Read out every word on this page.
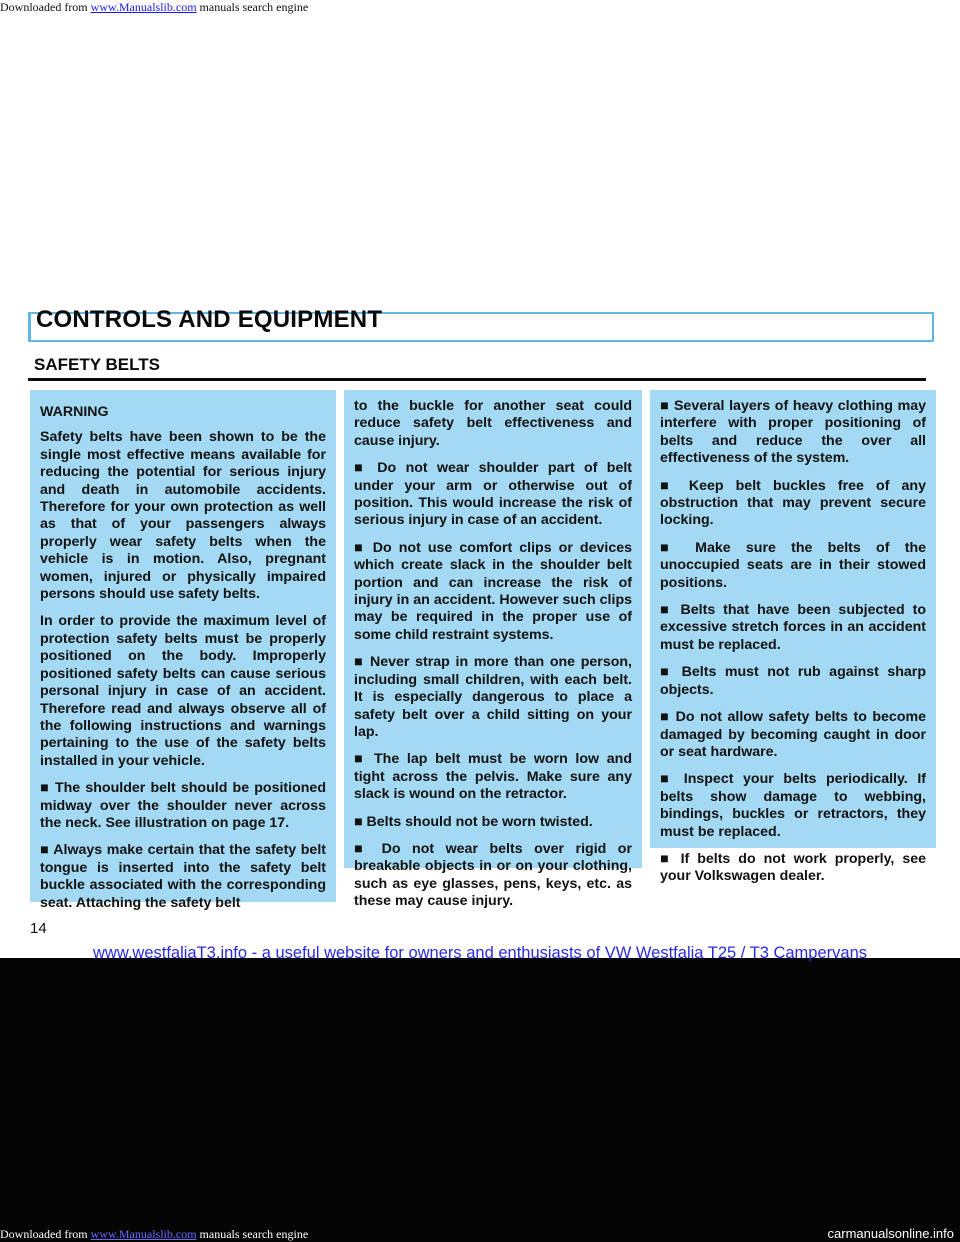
Downloaded from www.Manualslib.com manuals search engine
CONTROLS AND EQUIPMENT
SAFETY BELTS
WARNING

Safety belts have been shown to be the single most effective means available for reducing the potential for serious injury and death in automobile accidents. Therefore for your own protection as well as that of your passengers always properly wear safety belts when the vehicle is in motion. Also, pregnant women, injured or physically impaired persons should use safety belts.

In order to provide the maximum level of protection safety belts must be properly positioned on the body. Improperly positioned safety belts can cause serious personal injury in case of an accident. Therefore read and always observe all of the following instructions and warnings pertaining to the use of the safety belts installed in your vehicle.

■ The shoulder belt should be positioned midway over the shoulder never across the neck. See illustration on page 17.

■ Always make certain that the safety belt tongue is inserted into the safety belt buckle associated with the corresponding seat. Attaching the safety belt

to the buckle for another seat could reduce safety belt effectiveness and cause injury.

■ Do not wear shoulder part of belt under your arm or otherwise out of position. This would increase the risk of serious injury in case of an accident.

■ Do not use comfort clips or devices which create slack in the shoulder belt portion and can increase the risk of injury in an accident. However such clips may be required in the proper use of some child restraint systems.

■ Never strap in more than one person, including small children, with each belt. It is especially dangerous to place a safety belt over a child sitting on your lap.

■ The lap belt must be worn low and tight across the pelvis. Make sure any slack is wound on the retractor.

■ Belts should not be worn twisted.

■ Do not wear belts over rigid or breakable objects in or on your clothing, such as eye glasses, pens, keys, etc. as these may cause injury.

■ Several layers of heavy clothing may interfere with proper positioning of belts and reduce the over all effectiveness of the system.

■ Keep belt buckles free of any obstruction that may prevent secure locking.

■ Make sure the belts of the unoccupied seats are in their stowed positions.

■ Belts that have been subjected to excessive stretch forces in an accident must be replaced.

■ Belts must not rub against sharp objects.

■ Do not allow safety belts to become damaged by becoming caught in door or seat hardware.

■ Inspect your belts periodically. If belts show damage to webbing, bindings, buckles or retractors, they must be replaced.

■ If belts do not work properly, see your Volkswagen dealer.

14
www.westfaliaT3.info - a useful website for owners and enthusiasts of VW Westfalia T25 / T3 Campervans
Downloaded from www.Manualslib.com manuals search engine	carmanualsonline.info
